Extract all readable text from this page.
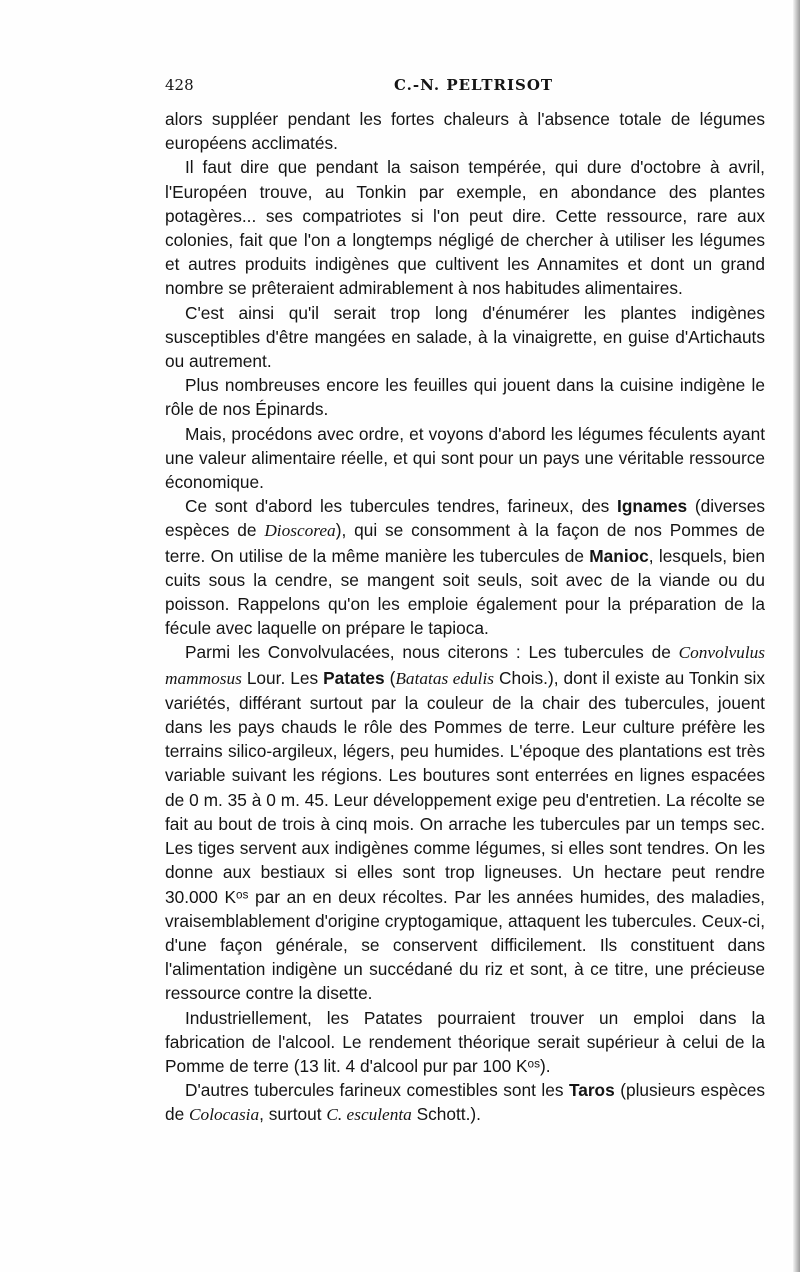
428	C.-N. PELTRISOT

alors suppléer pendant les fortes chaleurs à l'absence totale de légumes européens acclimatés.

Il faut dire que pendant la saison tempérée, qui dure d'octobre à avril, l'Européen trouve, au Tonkin par exemple, en abondance des plantes potagères... ses compatriotes si l'on peut dire. Cette ressource, rare aux colonies, fait que l'on a longtemps négligé de chercher à utiliser les légumes et autres produits indigènes que cultivent les Annamites et dont un grand nombre se prêteraient admirablement à nos habitudes alimentaires.

C'est ainsi qu'il serait trop long d'énumérer les plantes indigènes susceptibles d'être mangées en salade, à la vinaigrette, en guise d'Artichauts ou autrement.

Plus nombreuses encore les feuilles qui jouent dans la cuisine indigène le rôle de nos Épinards.

Mais, procédons avec ordre, et voyons d'abord les légumes féculents ayant une valeur alimentaire réelle, et qui sont pour un pays une véritable ressource économique.

Ce sont d'abord les tubercules tendres, farineux, des Ignames (diverses espèces de Dioscorea), qui se consomment à la façon de nos Pommes de terre. On utilise de la même manière les tubercules de Manioc, lesquels, bien cuits sous la cendre, se mangent soit seuls, soit avec de la viande ou du poisson. Rappelons qu'on les emploie également pour la préparation de la fécule avec laquelle on prépare le tapioca.

Parmi les Convolvulacées, nous citerons : Les tubercules de Convolvulus mammosus Lour. Les Patates (Batatas edulis Chois.), dont il existe au Tonkin six variétés, différant surtout par la couleur de la chair des tubercules, jouent dans les pays chauds le rôle des Pommes de terre. Leur culture préfère les terrains silico-argileux, légers, peu humides. L'époque des plantations est très variable suivant les régions. Les boutures sont enterrées en lignes espacées de 0 m. 35 à 0 m. 45. Leur développement exige peu d'entretien. La récolte se fait au bout de trois à cinq mois. On arrache les tubercules par un temps sec. Les tiges servent aux indigènes comme légumes, si elles sont tendres. On les donne aux bestiaux si elles sont trop ligneuses. Un hectare peut rendre 30.000 Kᵒˢ par an en deux récoltes. Par les années humides, des maladies, vraisemblablement d'origine cryptogamique, attaquent les tubercules. Ceux-ci, d'une façon générale, se conservent difficilement. Ils constituent dans l'alimentation indigène un succédané du riz et sont, à ce titre, une précieuse ressource contre la disette.

Industriellement, les Patates pourraient trouver un emploi dans la fabrication de l'alcool. Le rendement théorique serait supérieur à celui de la Pomme de terre (13 lit. 4 d'alcool pur par 100 Kᵒˢ).

D'autres tubercules farineux comestibles sont les Taros (plusieurs espèces de Colocasia, surtout C. esculenta Schott.).
